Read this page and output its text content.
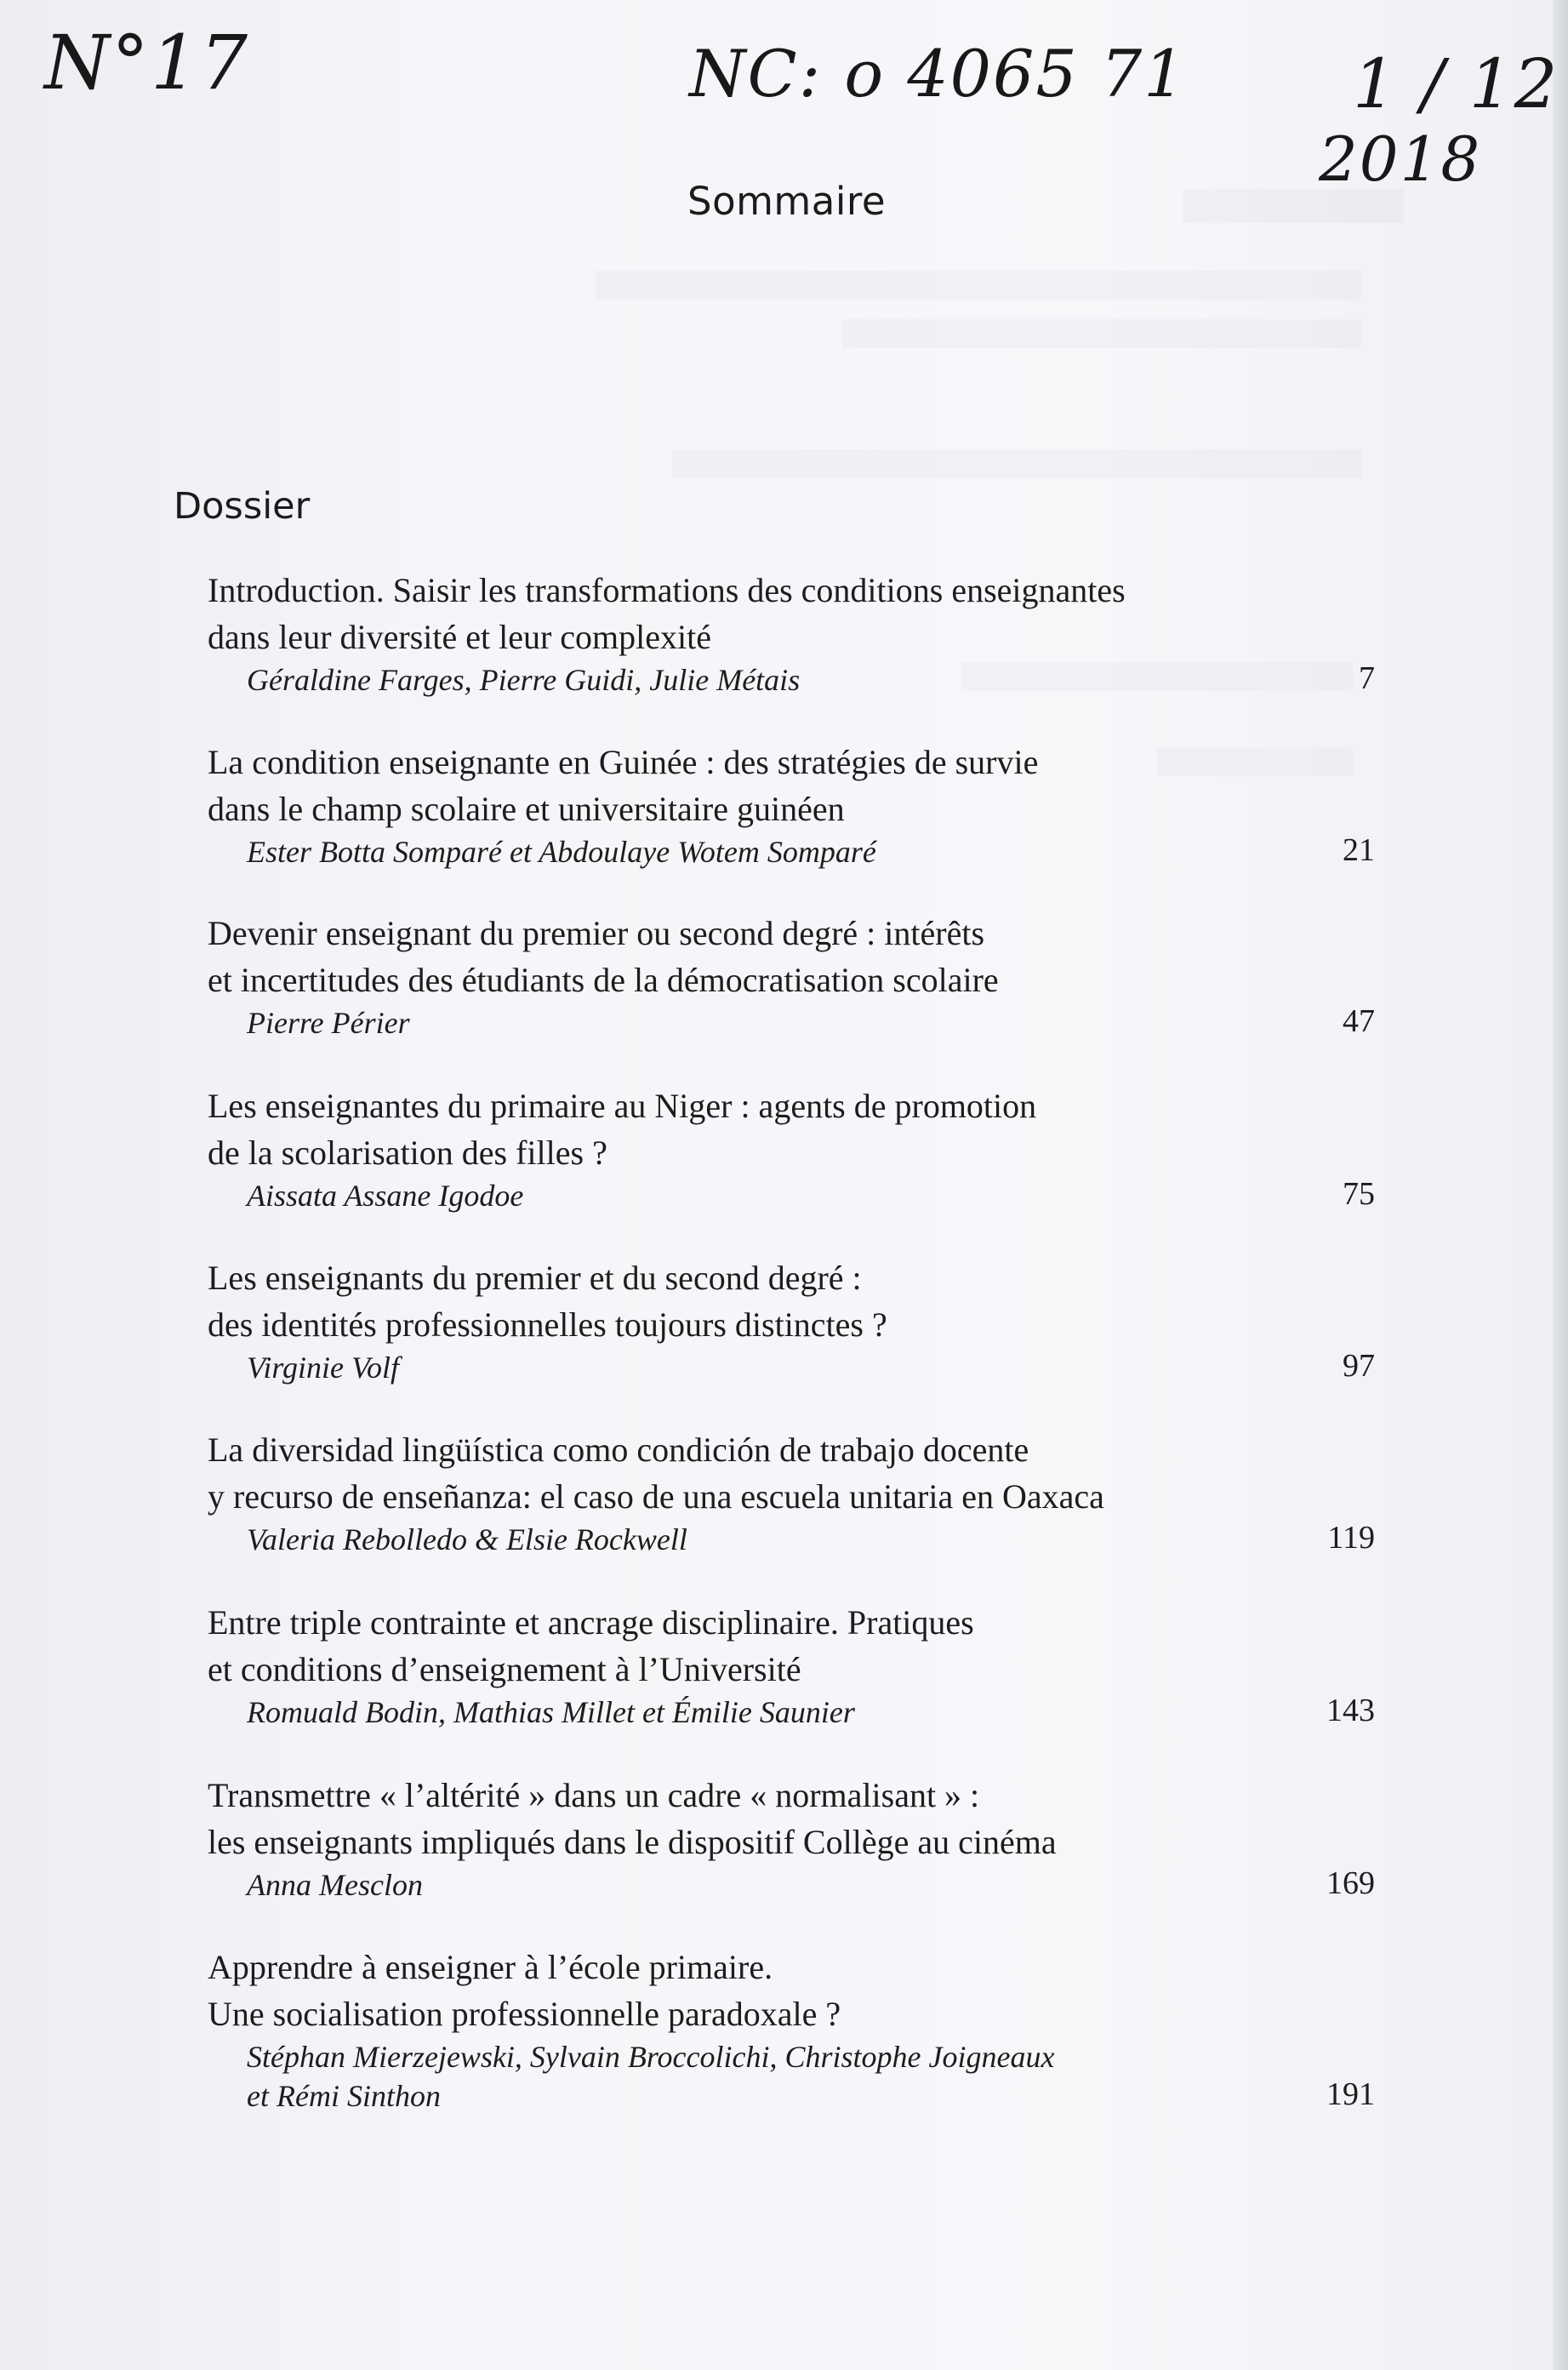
N°17	NC: o 4065 71 1 / 12
2018
Sommaire
Dossier

Introduction. Saisir les transformations des conditions enseignantes
dans leur diversité et leur complexité

Géraldine Farges, Pierre Guidi, Julie Métais	7

La condition enseignante en Guinée : des stratégies de survie
dans le champ scolaire et universitaire guinéen

Ester Botta Somparé et Abdoulaye Wotem Somparé	21

Devenir enseignant du premier ou second degré : intérêts
et incertitudes des étudiants de la démocratisation scolaire

Pierre Périer	47

Les enseignantes du primaire au Niger : agents de promotion
de la scolarisation des filles ?

Aissata Assane Igodoe	75

Les enseignants du premier et du second degré :
des identités professionnelles toujours distinctes ?

Virginie Volf	97

La diversidad lingüística como condición de trabajo docente
y recurso de enseñanza: el caso de una escuela unitaria en Oaxaca

Valeria Rebolledo & Elsie Rockwell	119

Entre triple contrainte et ancrage disciplinaire. Pratiques
et conditions d’enseignement à l’Université

Romuald Bodin, Mathias Millet et Émilie Saunier	143

Transmettre « l’altérité » dans un cadre « normalisant » :
les enseignants impliqués dans le dispositif Collège au cinéma

Anna Mesclon	169

Apprendre à enseigner à l’école primaire.
Une socialisation professionnelle paradoxale ?

Stéphan Mierzejewski, Sylvain Broccolichi, Christophe Joigneaux
et Rémi Sinthon	191
